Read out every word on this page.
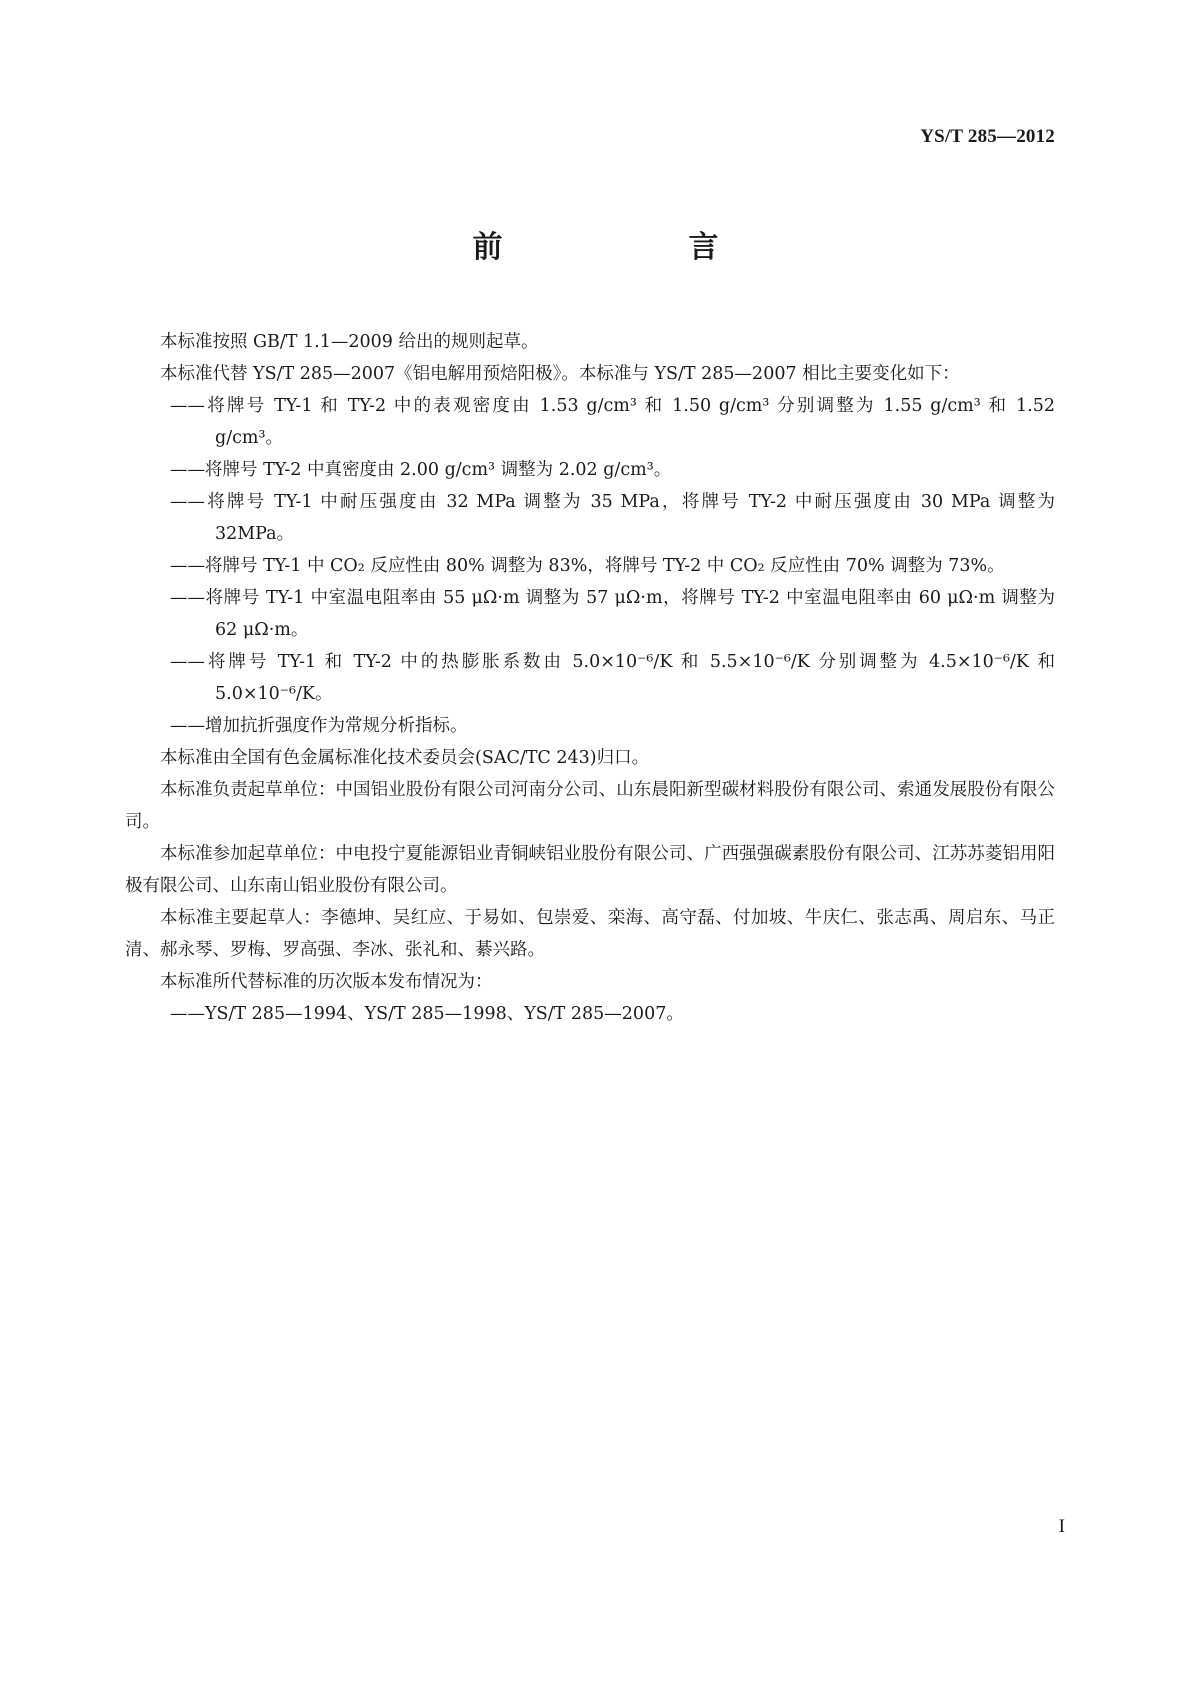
YS/T 285—2012
前　　言

本标准按照 GB/T 1.1—2009 给出的规则起草。

本标准代替 YS/T 285—2007《铝电解用预焙阳极》。本标准与 YS/T 285—2007 相比主要变化如下：

——将牌号 TY-1 和 TY-2 中的表观密度由 1.53 g/cm³ 和 1.50 g/cm³ 分别调整为 1.55 g/cm³ 和 1.52 g/cm³。

——将牌号 TY-2 中真密度由 2.00 g/cm³ 调整为 2.02 g/cm³。

——将牌号 TY-1 中耐压强度由 32 MPa 调整为 35 MPa，将牌号 TY-2 中耐压强度由 30 MPa 调整为 32MPa。

——将牌号 TY-1 中 CO₂ 反应性由 80% 调整为 83%，将牌号 TY-2 中 CO₂ 反应性由 70% 调整为 73%。

——将牌号 TY-1 中室温电阻率由 55 μΩ·m 调整为 57 μΩ·m，将牌号 TY-2 中室温电阻率由 60 μΩ·m 调整为 62 μΩ·m。

——将牌号 TY-1 和 TY-2 中的热膨胀系数由 5.0×10⁻⁶/K 和 5.5×10⁻⁶/K 分别调整为 4.5×10⁻⁶/K 和 5.0×10⁻⁶/K。

——增加抗折强度作为常规分析指标。

本标准由全国有色金属标准化技术委员会(SAC/TC 243)归口。

本标准负责起草单位：中国铝业股份有限公司河南分公司、山东晨阳新型碳材料股份有限公司、索通发展股份有限公司。

本标准参加起草单位：中电投宁夏能源铝业青铜峡铝业股份有限公司、广西强强碳素股份有限公司、江苏苏菱铝用阳极有限公司、山东南山铝业股份有限公司。

本标准主要起草人：李德坤、吴红应、于易如、包崇爱、栾海、高守磊、付加坡、牛庆仁、张志禹、周启东、马正清、郝永琴、罗梅、罗高强、李冰、张礼和、綦兴路。

本标准所代替标准的历次版本发布情况为：

——YS/T 285—1994、YS/T 285—1998、YS/T 285—2007。

I
